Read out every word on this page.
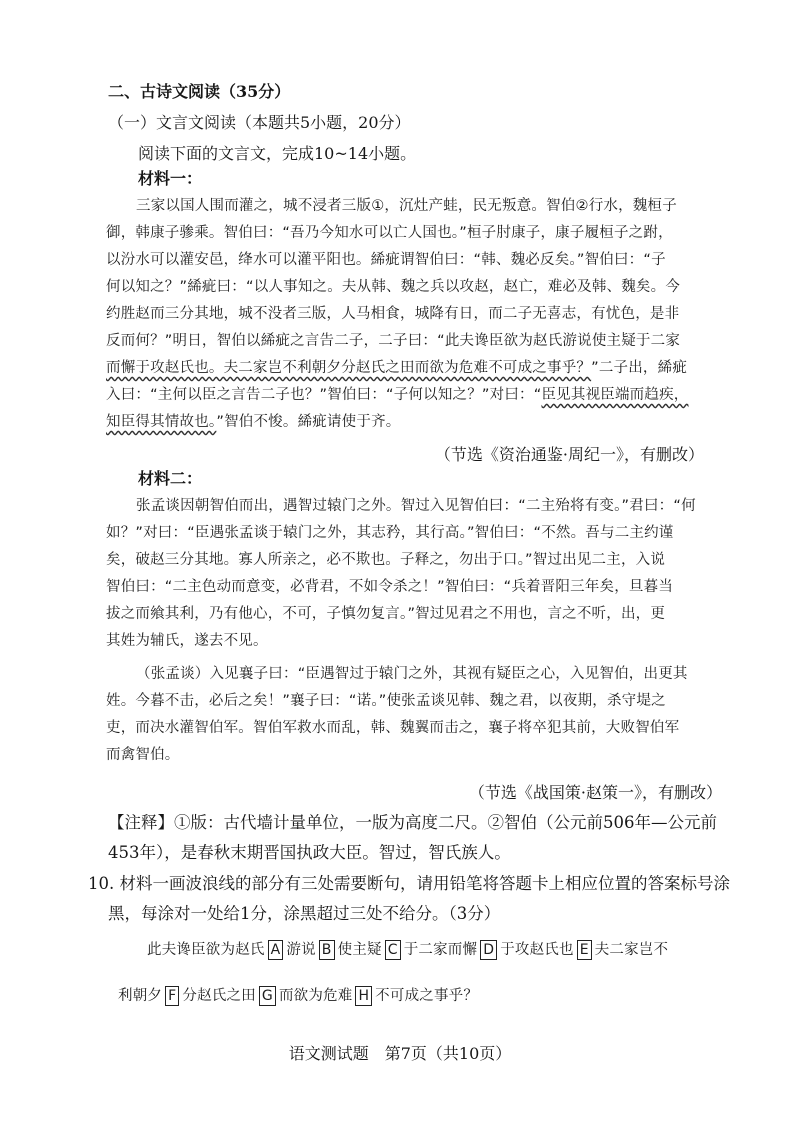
二、古诗文阅读（35分）
（一）文言文阅读（本题共5小题，20分）
阅读下面的文言文，完成10~14小题。
材料一：
三家以国人围而灌之，城不浸者三版①，沉灶产蛙，民无叛意。智伯②行水，魏桓子
御，韩康子骖乘。智伯曰：“吾乃今知水可以亡人国也。”桓子肘康子，康子履桓子之跗，
以汾水可以灌安邑，绛水可以灌平阳也。絺疵谓智伯曰：“韩、魏必反矣。”智伯曰：“子
何以知之？”絺疵曰：“以人事知之。夫从韩、魏之兵以攻赵，赵亡，难必及韩、魏矣。今
约胜赵而三分其地，城不没者三版，人马相食，城降有日，而二子无喜志，有忧色，是非
反而何？”明日，智伯以絺疵之言告二子，二子曰：“此夫谗臣欲为赵氏游说使主疑于二家
而懈于攻赵氏也。夫二家岂不利朝夕分赵氏之田而欲为危难不可成之事乎？”二子出，絺疵
入曰：“主何以臣之言告二子也？”智伯曰：“子何以知之？”对曰：“臣见其视臣端而趋疾，
知臣得其情故也。”智伯不悛。絺疵请使于齐。
（节选《资治通鉴·周纪一》，有删改）
材料二：
张孟谈因朝智伯而出，遇智过辕门之外。智过入见智伯曰：“二主殆将有变。”君曰：“何
如？”对曰：“臣遇张孟谈于辕门之外，其志矜，其行高。”智伯曰：“不然。吾与二主约谨
矣，破赵三分其地。寡人所亲之，必不欺也。子释之，勿出于口。”智过出见二主，入说
智伯曰：“二主色动而意变，必背君，不如令杀之！”智伯曰：“兵着晋阳三年矣，旦暮当
拔之而飨其利，乃有他心，不可，子慎勿复言。”智过见君之不用也，言之不听，出，更
其姓为辅氏，遂去不见。
（张孟谈）入见襄子曰：“臣遇智过于辕门之外，其视有疑臣之心，入见智伯，出更其
姓。今暮不击，必后之矣！”襄子曰：“诺。”使张孟谈见韩、魏之君，以夜期，杀守堤之
吏，而决水灌智伯军。智伯军救水而乱，韩、魏翼而击之，襄子将卒犯其前，大败智伯军
而禽智伯。
（节选《战国策·赵策一》，有删改）
【注释】①版：古代墙计量单位，一版为高度二尺。②智伯（公元前506年—公元前
453年），是春秋末期晋国执政大臣。智过，智氏族人。
10. 材料一画波浪线的部分有三处需要断句，请用铅笔将答题卡上相应位置的答案标号涂
黑，每涂对一处给1分，涂黑超过三处不给分。（3分）
此夫谗臣欲为赵氏 A 游说 B 使主疑 C 于二家而懈 D 于攻赵氏也 E 夫二家岂不
利朝夕 F 分赵氏之田 G 而欲为危难 H 不可成之事乎？
语文测试题　第7页（共10页）
